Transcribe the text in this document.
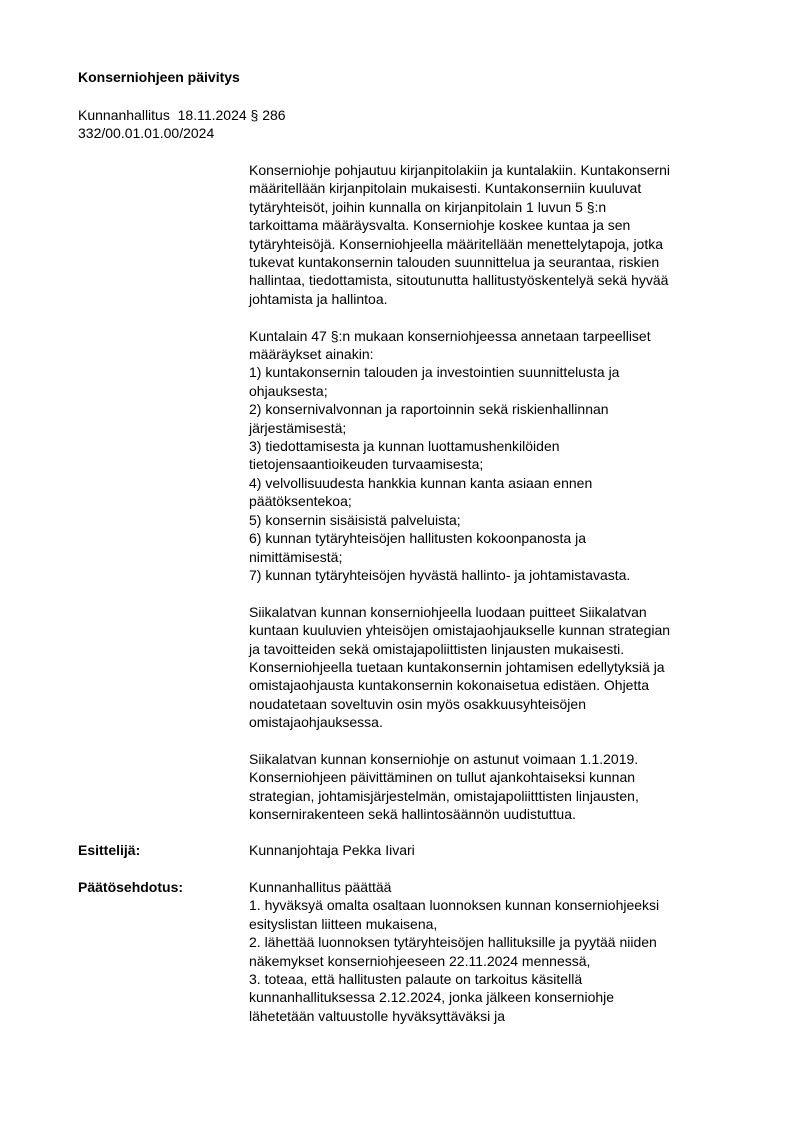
Konserniohjeen päivitys
Kunnanhallitus  18.11.2024 § 286
332/00.01.01.00/2024

Konserniohje pohjautuu kirjanpitolakiin ja kuntalakiin. Kuntakonserni
määritellään kirjanpitolain mukaisesti. Kuntakonserniin kuuluvat
tytäryhteisöt, joihin kunnalla on kirjanpitolain 1 luvun 5 §:n
tarkoittama määräysvalta. Konserniohje koskee kuntaa ja sen
tytäryhteisöjä. Konserniohjeella määritellään menettelytapoja, jotka
tukevat kuntakonsernin talouden suunnittelua ja seurantaa, riskien
hallintaa, tiedottamista, sitoutunutta hallitustyöskentelyä sekä hyvää
johtamista ja hallintoa.

Kuntalain 47 §:n mukaan konserniohjeessa annetaan tarpeelliset
määräykset ainakin:
1) kuntakonsernin talouden ja investointien suunnittelusta ja
ohjauksesta;
2) konsernivalvonnan ja raportoinnin sekä riskienhallinnan
järjestämisestä;
3) tiedottamisesta ja kunnan luottamushenkilöiden
tietojensaantioikeuden turvaamisesta;
4) velvollisuudesta hankkia kunnan kanta asiaan ennen
päätöksentekoa;
5) konsernin sisäisistä palveluista;
6) kunnan tytäryhteisöjen hallitusten kokoonpanosta ja
nimittämisestä;
7) kunnan tytäryhteisöjen hyvästä hallinto- ja johtamistavasta.

Siikalatvan kunnan konserniohjeella luodaan puitteet Siikalatvan
kuntaan kuuluvien yhteisöjen omistajaohjaukselle kunnan strategian
ja tavoitteiden sekä omistajapoliittisten linjausten mukaisesti.
Konserniohjeella tuetaan kuntakonsernin johtamisen edellytyksiä ja
omistajaohjausta kuntakonsernin kokonaisetua edistäen. Ohjetta
noudatetaan soveltuvin osin myös osakkuusyhteisöjen
omistajaohjauksessa.

Siikalatvan kunnan konserniohje on astunut voimaan 1.1.2019.
Konserniohjeen päivittäminen on tullut ajankohtaiseksi kunnan
strategian, johtamisjärjestelmän, omistajapoliitttisten linjausten,
konsernirakenteen sekä hallintosäännön uudistuttua.

Esittelijä:	Kunnanjohtaja Pekka Iivari
Päätösehdotus:	Kunnanhallitus päättää
1. hyväksyä omalta osaltaan luonnoksen kunnan konserniohjeeksi
esityslistan liitteen mukaisena,
2. lähettää luonnoksen tytäryhteisöjen hallituksille ja pyytää niiden
näkemykset konserniohjeeseen 22.11.2024 mennessä,
3. toteaa, että hallitusten palaute on tarkoitus käsitellä
kunnanhallituksessa 2.12.2024, jonka jälkeen konserniohje
lähetetään valtuustolle hyväksyttäväksi ja
